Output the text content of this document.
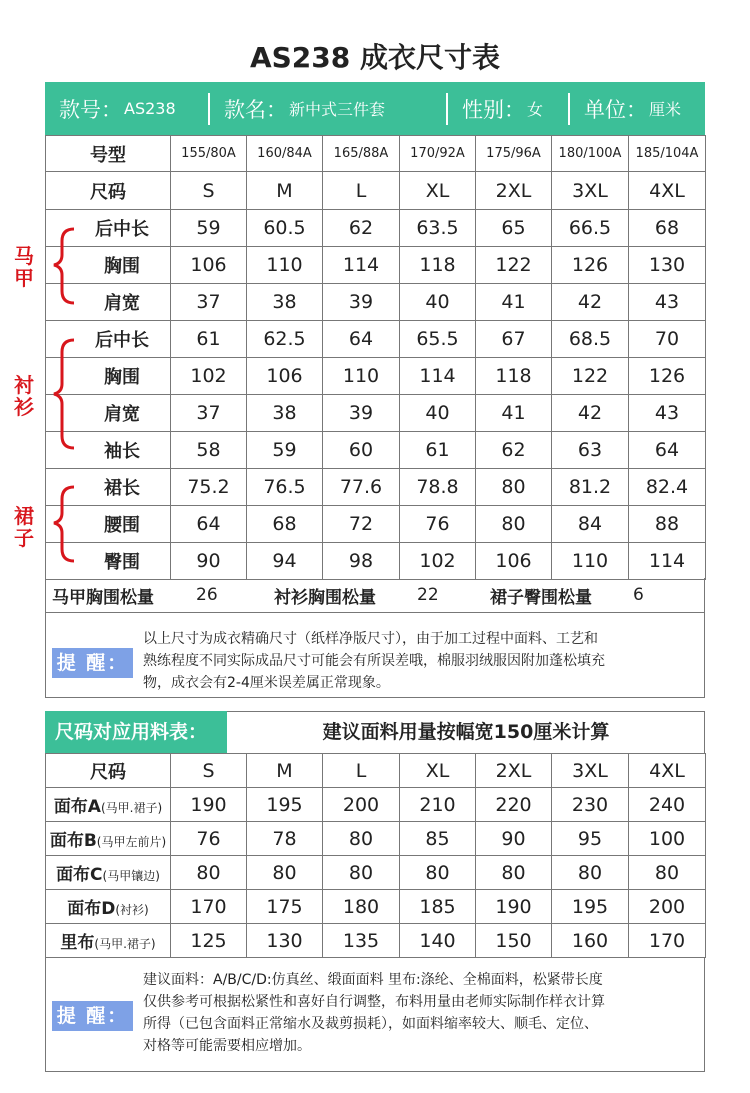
AS238 成衣尺寸表
款号： AS238 款名： 新中式三件套	性别： 女 单位： 厘米
号型	155/80A	160/84A	165/88A	170/92A	175/96A	180/100A	185/104A
尺码	S	M	L	XL	2XL	3XL	4XL
后中长	59	60.5	62	63.5	65	66.5	68
胸围	106	110	114	118	122	126	130
肩宽	37	38	39	40	41	42	43
后中长	61	62.5	64	65.5	67	68.5	70
胸围	102	106	110	114	118	122	126
肩宽	37	38	39	40	41	42	43
袖长	58	59	60	61	62	63	64
裙长	75.2	76.5	77.6	78.8	80	81.2	82.4
腰围	64	68	72	76	80	84	88
臀围	90	94	98	102	106	110	114
马甲
衬衫
裙子
马甲胸围松量 26	衬衫胸围松量 22	裙子臀围松量 6
提 醒：
以上尺寸为成衣精确尺寸（纸样净版尺寸），由于加工过程中面料、工艺和
熟练程度不同实际成品尺寸可能会有所误差哦，棉服羽绒服因附加蓬松填充
物，成衣会有2-4厘米误差属正常现象。
尺码对应用料表：	建议面料用量按幅宽150厘米计算
尺码	S	M	L	XL	2XL	3XL	4XL
面布A(马甲.裙子)	190	195	200	210	220	230	240
面布B(马甲左前片)	76	78	80	85	90	95	100
面布C(马甲镶边)	80	80	80	80	80	80	80
面布D(衬衫)	170	175	180	185	190	195	200
里布(马甲.裙子)	125	130	135	140	150	160	170
提 醒：
建议面料：A/B/C/D:仿真丝、缎面面料 里布:涤纶、全棉面料，松紧带长度
仅供参考可根据松紧性和喜好自行调整，布料用量由老师实际制作样衣计算
所得（已包含面料正常缩水及裁剪损耗），如面料缩率较大、顺毛、定位、
对格等可能需要相应增加。
